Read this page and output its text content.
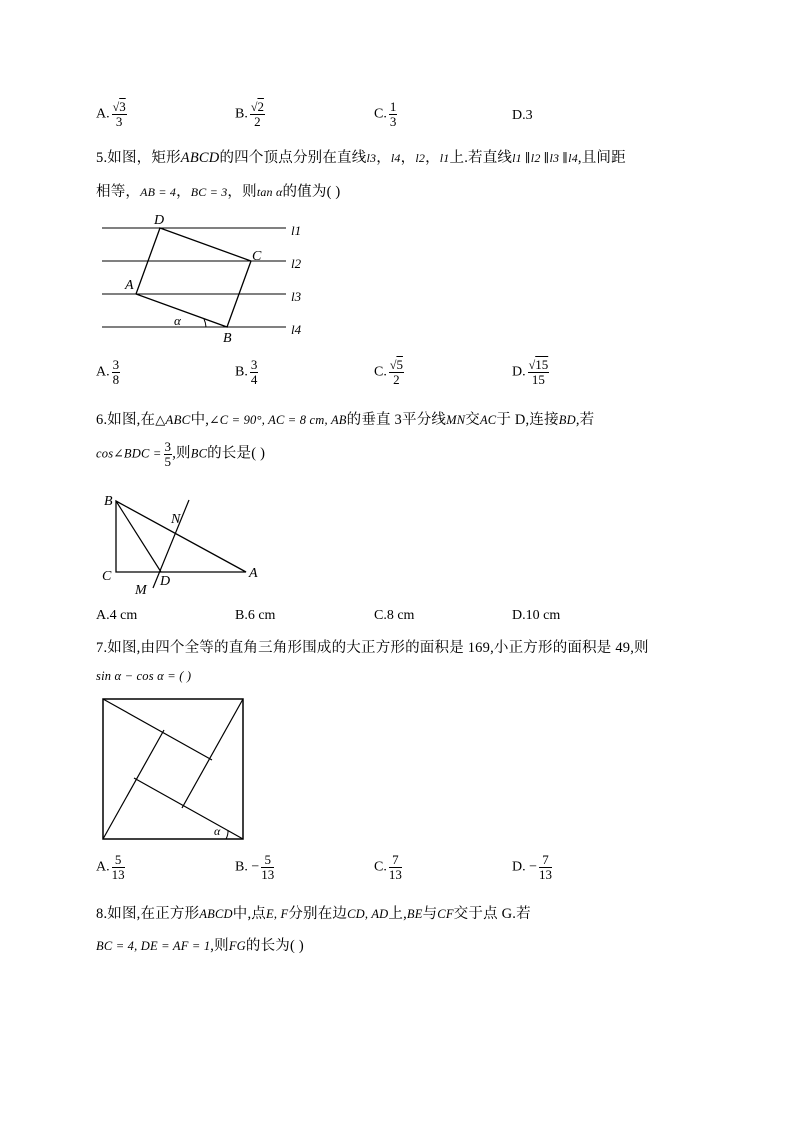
A. $\frac{√3}{3}$	B. $\frac{√2}{2}$	C. $\frac{1}{3}$	D.3
5.如图，矩形ABCD的四个顶点分别在直线l3，l4，l2，l1上.若直线l1 ∥l2 ∥l3 ∥l4,且间距
相等，AB = 4，BC = 3，则tan α的值为( )
D
C
A
B
α
l1
l2
l3
l4
A. $\frac{3}{8}$	B. $\frac{3}{4}$	C. $\frac{√5}{2}$	D. $\frac{√15}{15}$
6.如图,在△ABC中,∠C = 90°, AC = 8 cm, AB的垂直 3平分线MN交AC于 D,连接BD,若
cos∠BDC = $\frac{3}{5}$ ,则BC的长是( )
B
N
C
M
D
A
A.4 cm	B.6 cm	C.8 cm	D.10 cm
7.如图,由四个全等的直角三角形围成的大正方形的面积是 169,小正方形的面积是 49,则
sin α − cos α = ( )
α
A. $\frac{5}{13}$	B. − $\frac{5}{13}$	C. $\frac{7}{13}$	D. − $\frac{7}{13}$
8.如图,在正方形ABCD中,点E, F分别在边CD, AD上,BE与CF交于点 G.若
BC = 4, DE = AF = 1,则FG的长为( )
